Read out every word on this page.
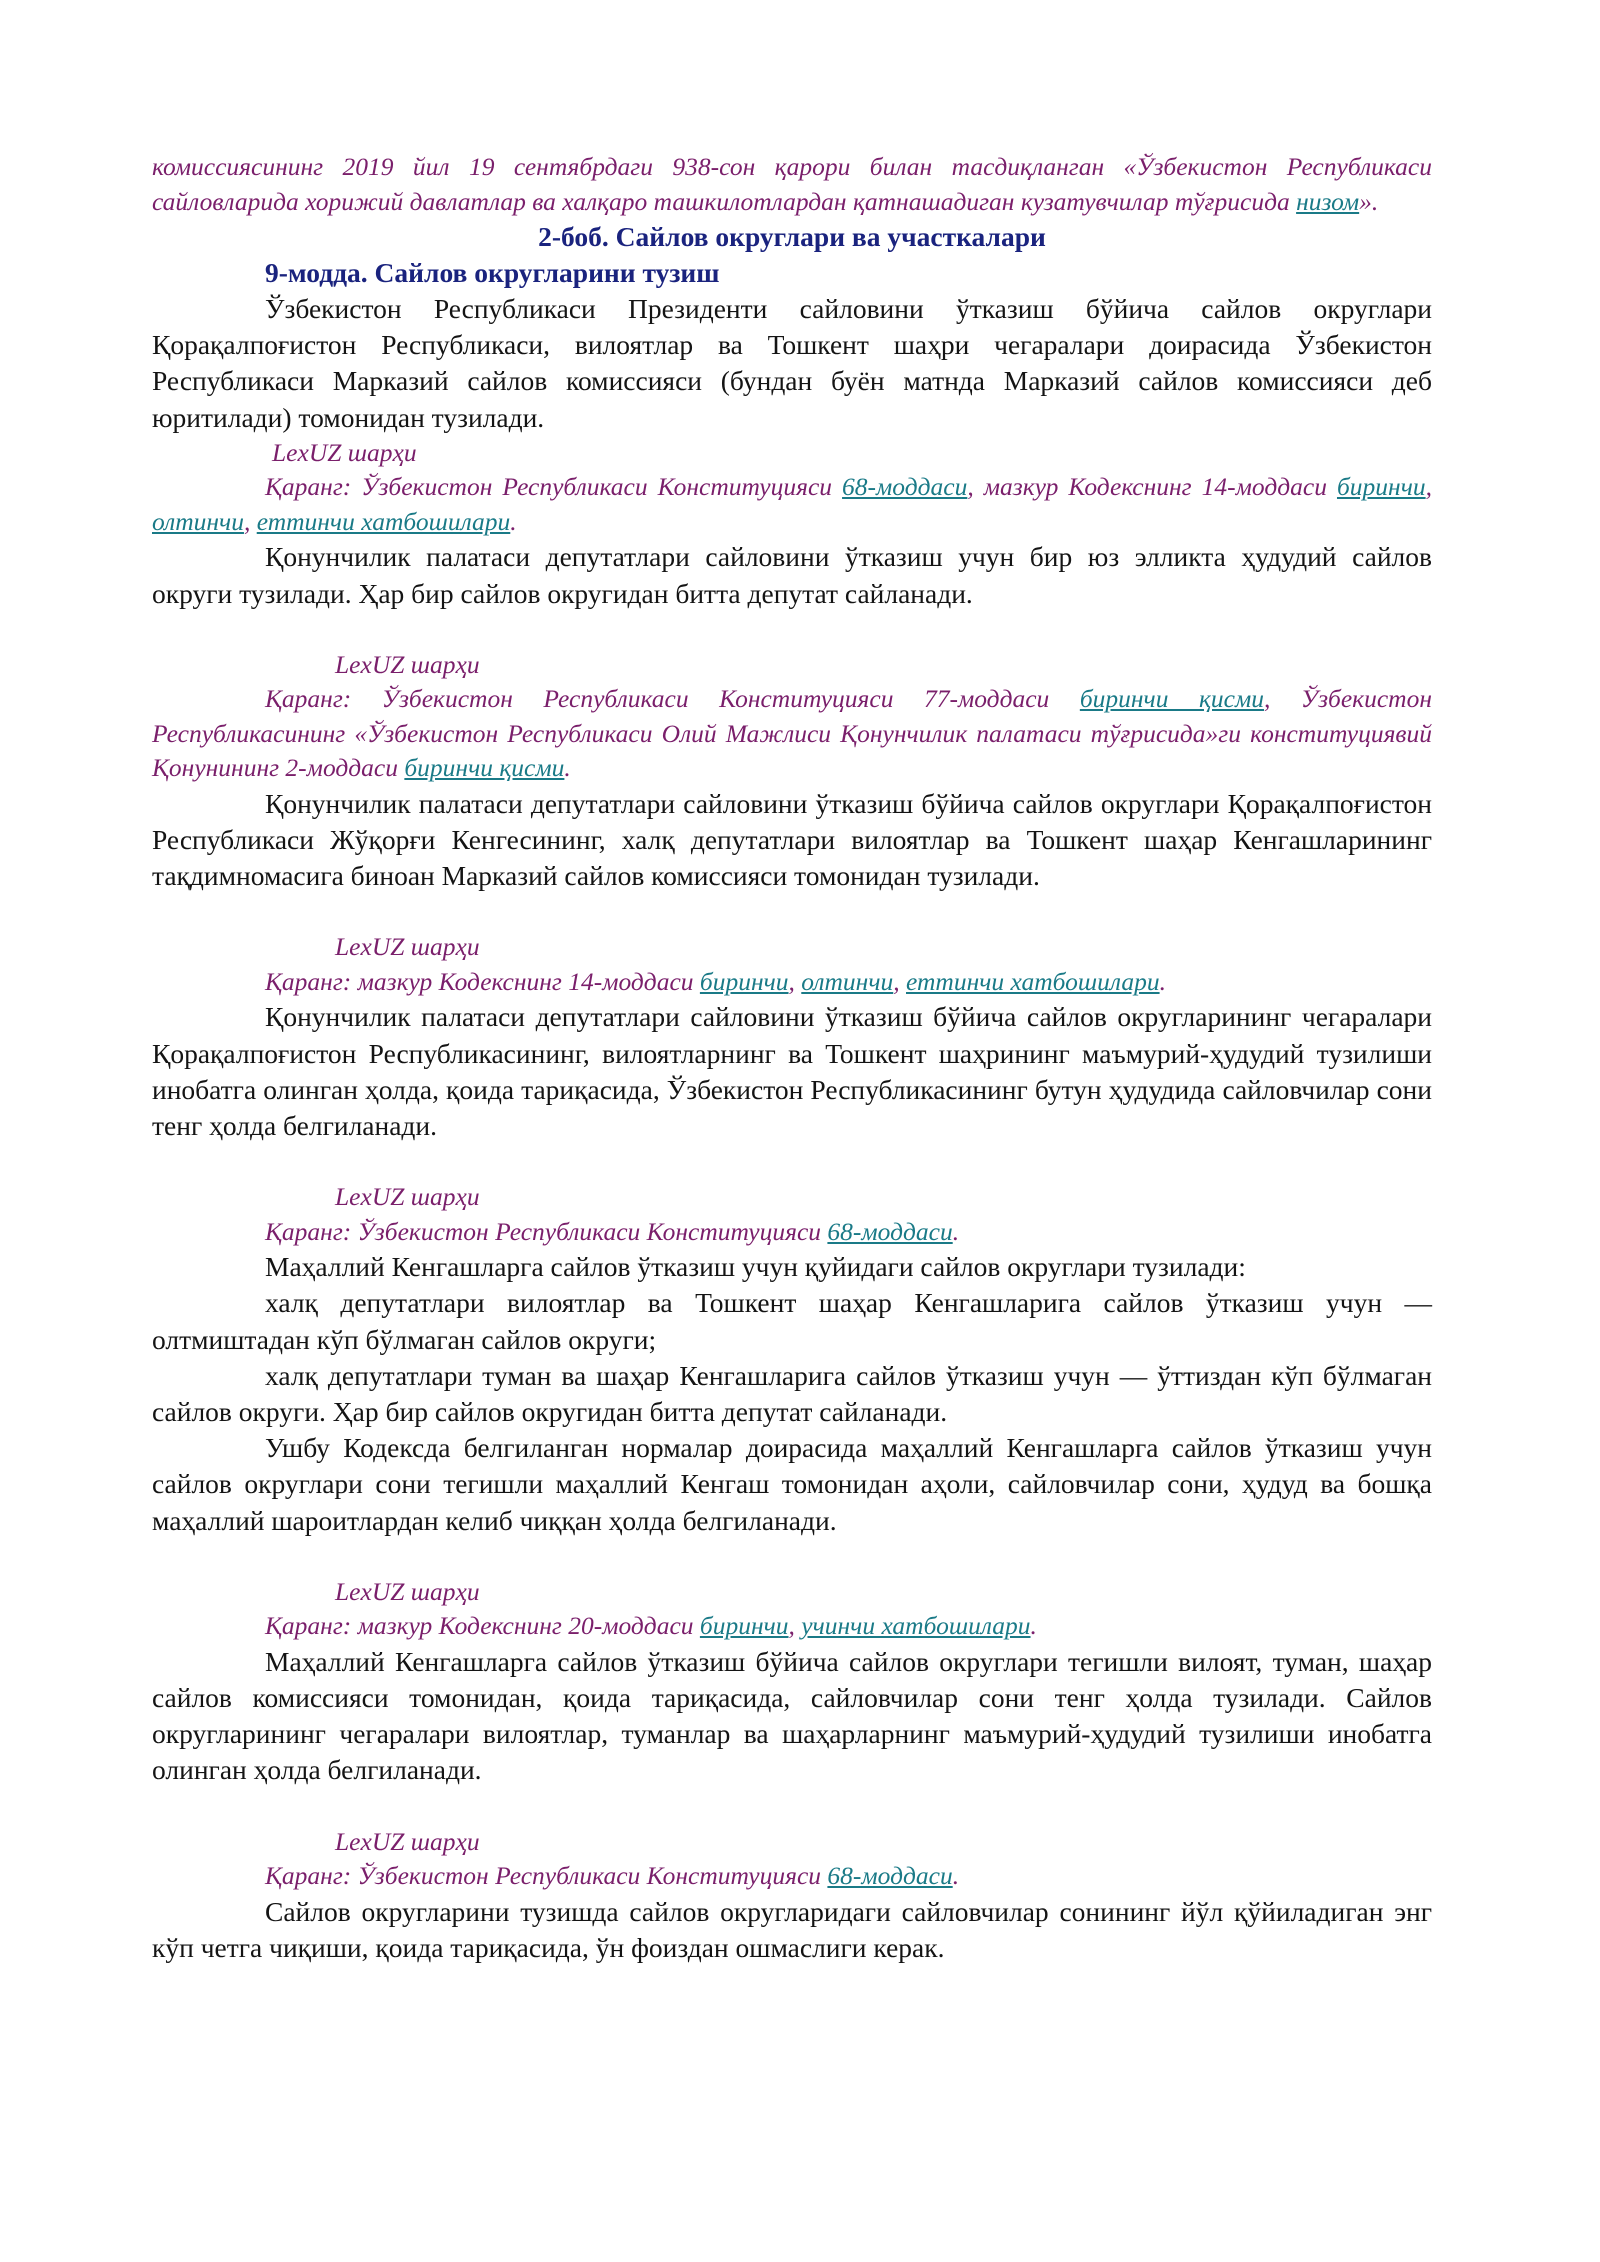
комиссиясининг 2019 йил 19 сентябрдаги 938-сон қарори билан тасдиқланган «Ўзбекистон Республикаси сайловларида хорижий давлатлар ва халқаро ташкилотлардан қатнашадиган кузатувчилар тўғрисида низом».

2-боб. Сайлов округлари ва участкалари

9-модда. Сайлов округларини тузиш

Ўзбекистон Республикаси Президенти сайловини ўтказиш бўйича сайлов округлари Қорақалпоғистон Республикаси, вилоятлар ва Тошкент шаҳри чегаралари доирасида Ўзбекистон Республикаси Марказий сайлов комиссияси (бундан буён матнда Марказий сайлов комиссияси деб юритилади) томонидан тузилади.

LexUZ шарҳи

Қаранг: Ўзбекистон Республикаси Конституцияси 68-моддаси, мазкур Кодекснинг 14-моддаси биринчи, олтинчи, еттинчи хатбошилари.

Қонунчилик палатаси депутатлари сайловини ўтказиш учун бир юз элликта ҳудудий сайлов округи тузилади. Ҳар бир сайлов округидан битта депутат сайланади.

LexUZ шарҳи

Қаранг: Ўзбекистон Республикаси Конституцияси 77-моддаси биринчи қисми, Ўзбекистон Республикасининг «Ўзбекистон Республикаси Олий Мажлиси Қонунчилик палатаси тўғрисида»ги конституциявий Қонунининг 2-моддаси биринчи қисми.

Қонунчилик палатаси депутатлари сайловини ўтказиш бўйича сайлов округлари Қорақалпоғистон Республикаси Жўқорғи Кенгесининг, халқ депутатлари вилоятлар ва Тошкент шаҳар Кенгашларининг тақдимномасига биноан Марказий сайлов комиссияси томонидан тузилади.

LexUZ шарҳи

Қаранг: мазкур Кодекснинг 14-моддаси биринчи, олтинчи, еттинчи хатбошилари.

Қонунчилик палатаси депутатлари сайловини ўтказиш бўйича сайлов округларининг чегаралари Қорақалпоғистон Республикасининг, вилоятларнинг ва Тошкент шаҳрининг маъмурий-ҳудудий тузилиши инобатга олинган ҳолда, қоида тариқасида, Ўзбекистон Республикасининг бутун ҳудудида сайловчилар сони тенг ҳолда белгиланади.

LexUZ шарҳи

Қаранг: Ўзбекистон Республикаси Конституцияси 68-моддаси.

Маҳаллий Кенгашларга сайлов ўтказиш учун қуйидаги сайлов округлари тузилади:

халқ депутатлари вилоятлар ва Тошкент шаҳар Кенгашларига сайлов ўтказиш учун — олтмиштадан кўп бўлмаган сайлов округи;

халқ депутатлари туман ва шаҳар Кенгашларига сайлов ўтказиш учун — ўттиздан кўп бўлмаган сайлов округи. Ҳар бир сайлов округидан битта депутат сайланади.

Ушбу Кодексда белгиланган нормалар доирасида маҳаллий Кенгашларга сайлов ўтказиш учун сайлов округлари сони тегишли маҳаллий Кенгаш томонидан аҳоли, сайловчилар сони, ҳудуд ва бошқа маҳаллий шароитлардан келиб чиққан ҳолда белгиланади.

LexUZ шарҳи

Қаранг: мазкур Кодекснинг 20-моддаси биринчи, учинчи хатбошилари.

Маҳаллий Кенгашларга сайлов ўтказиш бўйича сайлов округлари тегишли вилоят, туман, шаҳар сайлов комиссияси томонидан, қоида тариқасида, сайловчилар сони тенг ҳолда тузилади. Сайлов округларининг чегаралари вилоятлар, туманлар ва шаҳарларнинг маъмурий-ҳудудий тузилиши инобатга олинган ҳолда белгиланади.

LexUZ шарҳи

Қаранг: Ўзбекистон Республикаси Конституцияси 68-моддаси.

Сайлов округларини тузишда сайлов округларидаги сайловчилар сонининг йўл қўйиладиган энг кўп четга чиқиши, қоида тариқасида, ўн фоиздан ошмаслиги керак.
